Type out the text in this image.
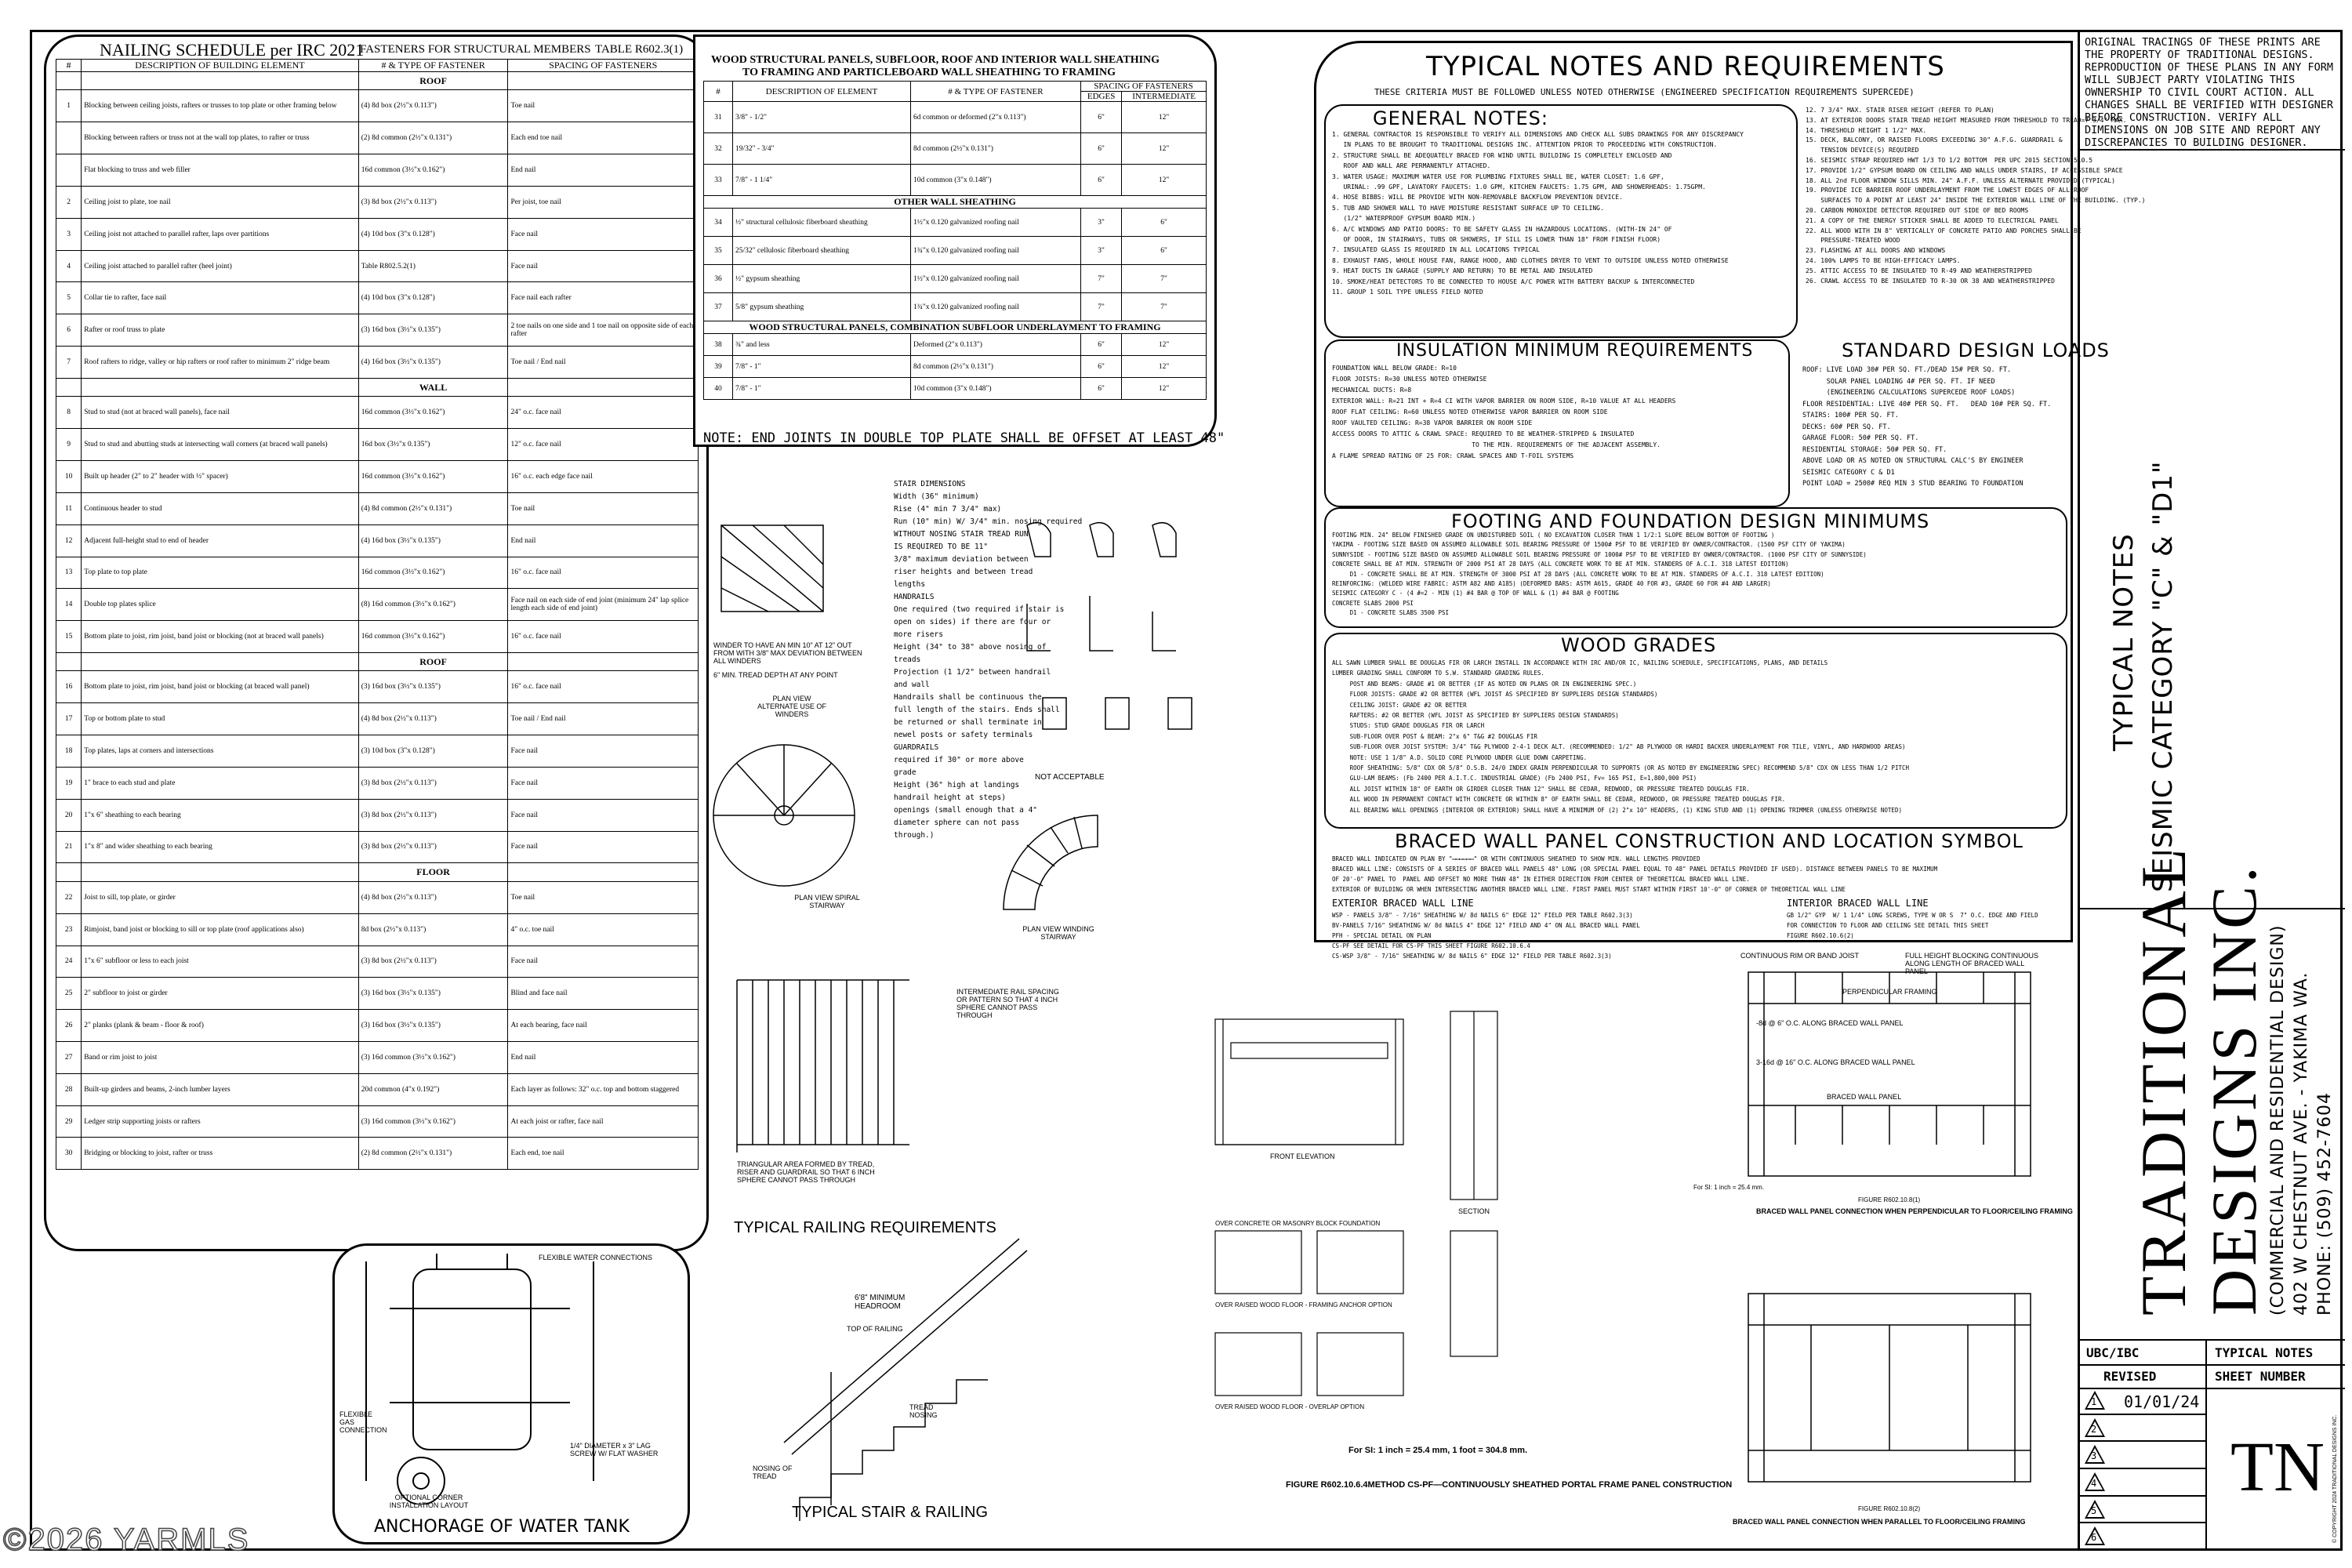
NAILING SCHEDULE per IRC 2021
FASTENERS FOR STRUCTURAL MEMBERS TABLE R602.3(1)
#	DESCRIPTION OF BUILDING ELEMENT	# & TYPE OF FASTENER	SPACING OF FASTENERS
		ROOF	
1	Blocking between ceiling joists, rafters or trusses to top plate or other framing below	(4) 8d box (2½"x 0.113")	Toe nail
	Blocking between rafters or truss not at the wall top plates, to rafter or truss	(2) 8d common (2½"x 0.131")	Each end toe nail
	Flat blocking to truss and web filler	16d common (3½"x 0.162")	End nail
2	Ceiling joist to plate, toe nail	(3) 8d box (2½"x 0.113")	Per joist, toe nail
3	Ceiling joist not attached to parallel rafter, laps over partitions	(4) 10d box (3"x 0.128")	Face nail
4	Ceiling joist attached to parallel rafter (heel joint)	Table R802.5.2(1)	Face nail
5	Collar tie to rafter, face nail	(4) 10d box (3"x 0.128")	Face nail each rafter
6	Rafter or roof truss to plate	(3) 16d box (3½"x 0.135")	2 toe nails on one side and 1 toe nail on opposite side of each rafter
7	Roof rafters to ridge, valley or hip rafters or roof rafter to minimum 2" ridge beam	(4) 16d box (3½"x 0.135")	Toe nail / End nail
		WALL	
8	Stud to stud (not at braced wall panels), face nail	16d common (3½"x 0.162")	24" o.c. face nail
9	Stud to stud and abutting studs at intersecting wall corners (at braced wall panels)	16d box (3½"x 0.135")	12" o.c. face nail
10	Built up header (2" to 2" header with ½" spacer)	16d common (3½"x 0.162")	16" o.c. each edge face nail
11	Continuous header to stud	(4) 8d common (2½"x 0.131")	Toe nail
12	Adjacent full-height stud to end of header	(4) 16d box (3½"x 0.135")	End nail
13	Top plate to top plate	16d common (3½"x 0.162")	16" o.c. face nail
14	Double top plates splice	(8) 16d common (3½"x 0.162")	Face nail on each side of end joint (minimum 24" lap splice length each side of end joint)
15	Bottom plate to joist, rim joist, band joist or blocking (not at braced wall panels)	16d common (3½"x 0.162")	16" o.c. face nail
		ROOF	
16	Bottom plate to joist, rim joist, band joist or blocking (at braced wall panel)	(3) 16d box (3½"x 0.135")	16" o.c. face nail
17	Top or bottom plate to stud	(4) 8d box (2½"x 0.113")	Toe nail / End nail
18	Top plates, laps at corners and intersections	(3) 10d box (3"x 0.128")	Face nail
19	1" brace to each stud and plate	(3) 8d box (2½"x 0.113")	Face nail
20	1"x 6" sheathing to each bearing	(3) 8d box (2½"x 0.113")	Face nail
21	1"x 8" and wider sheathing to each bearing	(3) 8d box (2½"x 0.113")	Face nail
		FLOOR	
22	Joist to sill, top plate, or girder	(4) 8d box (2½"x 0.113")	Toe nail
23	Rimjoist, band joist or blocking to sill or top plate (roof applications also)	8d box (2½"x 0.113")	4" o.c. toe nail
24	1"x 6" subfloor or less to each joist	(3) 8d box (2½"x 0.113")	Face nail
25	2" subfloor to joist or girder	(3) 16d box (3½"x 0.135")	Blind and face nail
26	2" planks (plank & beam - floor & roof)	(3) 16d box (3½"x 0.135")	At each bearing, face nail
27	Band or rim joist to joist	(3) 16d common (3½"x 0.162")	End nail
28	Built-up girders and beams, 2-inch lumber layers	20d common (4"x 0.192")	Each layer as follows: 32" o.c. top and bottom staggered
29	Ledger strip supporting joists or rafters	(3) 16d common (3½"x 0.162")	At each joist or rafter, face nail
30	Bridging or blocking to joist, rafter or truss	(2) 8d common (2½"x 0.131")	Each end, toe nail
WOOD STRUCTURAL PANELS, SUBFLOOR, ROOF AND INTERIOR WALL SHEATHING
TO FRAMING AND PARTICLEBOARD WALL SHEATHING TO FRAMING
#	DESCRIPTION OF ELEMENT	# & TYPE OF FASTENER	SPACING OF FASTENERS	
			EDGES	INTERMEDIATE
31	3/8" - 1/2"	6d common or deformed (2"x 0.113")	6"	12"
32	19/32" - 3/4"	8d common (2½"x 0.131")	6"	12"
33	7/8" - 1 1/4"	10d common (3"x 0.148")	6"	12"
OTHER WALL SHEATHING				
34	½" structural cellulosic fiberboard sheathing	1½"x 0.120 galvanized roofing nail	3"	6"
35	25/32" cellulosic fiberboard sheathing	1¾"x 0.120 galvanized roofing nail	3"	6"
36	½" gypsum sheathing	1½"x 0.120 galvanized roofing nail	7"	7"
37	5/8" gypsum sheathing	1¾"x 0.120 galvanized roofing nail	7"	7"
WOOD STRUCTURAL PANELS, COMBINATION SUBFLOOR UNDERLAYMENT TO FRAMING				
38	¾" and less	Deformed (2"x 0.113")	6"	12"
39	7/8" - 1"	8d common (2½"x 0.131")	6"	12"
40	7/8" - 1"	10d common (3"x 0.148")	6"	12"
NOTE: END JOINTS IN DOUBLE TOP PLATE SHALL BE OFFSET AT LEAST 48"
STAIR DIMENSIONS
Width (36" minimum)
Rise (4" min 7 3/4" max)
Run (10" min) W/ 3/4" min. nosing required
WITHOUT NOSING STAIR TREAD RUN
IS REQUIRED TO BE 11"
3/8" maximum deviation between
riser heights and between tread
lengths
HANDRAILS
One required (two required if stair is
open on sides) if there are four or
more risers
Height (34" to 38" above nosing of
treads
Projection (1 1/2" between handrail
and wall
Handrails shall be continuous the
full length of the stairs. Ends shall
be returned or shall terminate in
newel posts or safety terminals
GUARDRAILS
required if 30" or more above
grade
Height (36" high at landings
handrail height at steps)
openings (small enough that a 4"
diameter sphere can not pass
through.)
WINDER TO HAVE AN MIN 10" AT 12" OUT FROM WITH 3/8" MAX DEVIATION BETWEEN ALL WINDERS
6" MIN. TREAD DEPTH AT ANY POINT
PLAN VIEW ALTERNATE USE OF WINDERS
PLAN VIEW SPIRAL STAIRWAY
PLAN VIEW WINDING STAIRWAY
NOT ACCEPTABLE
INTERMEDIATE RAIL SPACING OR PATTERN SO THAT 4 INCH SPHERE CANNOT PASS THROUGH
TRIANGULAR AREA FORMED BY TREAD, RISER AND GUARDRAIL SO THAT 6 INCH SPHERE CANNOT PASS THROUGH
TYPICAL RAILING REQUIREMENTS
6'8" MINIMUM HEADROOM
TOP OF RAILING
TREAD NOSING
NOSING OF TREAD
TYPICAL STAIR & RAILING
FLEXIBLE WATER CONNECTIONS
FLEXIBLE GAS CONNECTION
1/4" DIAMETER x 3" LAG SCREW W/ FLAT WASHER
OPTIONAL CORNER INSTALLATION LAYOUT
ANCHORAGE OF WATER TANK
TYPICAL NOTES AND REQUIREMENTS
THESE CRITERIA MUST BE FOLLOWED UNLESS NOTED OTHERWISE (ENGINEERED SPECIFICATION REQUIREMENTS SUPERCEDE)
GENERAL NOTES:
1. GENERAL CONTRACTOR IS RESPONSIBLE TO VERIFY ALL DIMENSIONS AND CHECK ALL SUBS DRAWINGS FOR ANY DISCREPANCY
IN PLANS TO BE BROUGHT TO TRADITIONAL DESIGNS INC. ATTENTION PRIOR TO PROCEEDING WITH CONSTRUCTION.
2. STRUCTURE SHALL BE ADEQUATELY BRACED FOR WIND UNTIL BUILDING IS COMPLETELY ENCLOSED AND
ROOF AND WALL ARE PERMANENTLY ATTACHED.
3. WATER USAGE: MAXIMUM WATER USE FOR PLUMBING FIXTURES SHALL BE, WATER CLOSET: 1.6 GPF,
URINAL: .99 GPF, LAVATORY FAUCETS: 1.0 GPM, KITCHEN FAUCETS: 1.75 GPM, AND SHOWERHEADS: 1.75GPM.
4. HOSE BIBBS: WILL BE PROVIDE WITH NON-REMOVABLE BACKFLOW PREVENTION DEVICE.
5. TUB AND SHOWER WALL TO HAVE MOISTURE RESISTANT SURFACE UP TO CEILING.
(1/2" WATERPROOF GYPSUM BOARD MIN.)
6. A/C WINDOWS AND PATIO DOORS: TO BE SAFETY GLASS IN HAZARDOUS LOCATIONS. (WITH-IN 24" OF
OF DOOR, IN STAIRWAYS, TUBS OR SHOWERS, IF SILL IS LOWER THAN 18" FROM FINISH FLOOR)
7. INSULATED GLASS IS REQUIRED IN ALL LOCATIONS TYPICAL
8. EXHAUST FANS, WHOLE HOUSE FAN, RANGE HOOD, AND CLOTHES DRYER TO VENT TO OUTSIDE UNLESS NOTED OTHERWISE
9. HEAT DUCTS IN GARAGE (SUPPLY AND RETURN) TO BE METAL AND INSULATED
10. SMOKE/HEAT DETECTORS TO BE CONNECTED TO HOUSE A/C POWER WITH BATTERY BACKUP & INTERCONNECTED
11. GROUP 1 SOIL TYPE UNLESS FIELD NOTED
12. 7 3/4" MAX. STAIR RISER HEIGHT (REFER TO PLAN)
13. AT EXTERIOR DOORS STAIR TREAD HEIGHT MEASURED FROM THRESHOLD TO TREAD=7 3/4" MAX.
14. THRESHOLD HEIGHT 1 1/2" MAX.
15. DECK, BALCONY, OR RAISED FLOORS EXCEEDING 30" A.F.G. GUARDRAIL &
TENSION DEVICE(S) REQUIRED
16. SEISMIC STRAP REQUIRED HWT 1/3 TO 1/2 BOTTOM  PER UPC 2015 SECTION 510.5
17. PROVIDE 1/2" GYPSUM BOARD ON CEILING AND WALLS UNDER STAIRS, IF ACCESSIBLE SPACE
18. ALL 2nd FLOOR WINDOW SILLS MIN. 24" A.F.F. UNLESS ALTERNATE PROVIDED (TYPICAL)
19. PROVIDE ICE BARRIER ROOF UNDERLAYMENT FROM THE LOWEST EDGES OF ALL ROOF
SURFACES TO A POINT AT LEAST 24" INSIDE THE EXTERIOR WALL LINE OF THE BUILDING. (TYP.)
20. CARBON MONOXIDE DETECTOR REQUIRED OUT SIDE OF BED ROOMS
21. A COPY OF THE ENERGY STICKER SHALL BE ADDED TO ELECTRICAL PANEL
22. ALL WOOD WITH IN 8" VERTICALLY OF CONCRETE PATIO AND PORCHES SHALL BE
PRESSURE-TREATED WOOD
23. FLASHING AT ALL DOORS AND WINDOWS
24. 100% LAMPS TO BE HIGH-EFFICACY LAMPS.
25. ATTIC ACCESS TO BE INSULATED TO R-49 AND WEATHERSTRIPPED
26. CRAWL ACCESS TO BE INSULATED TO R-30 OR 38 AND WEATHERSTRIPPED
INSULATION MINIMUM REQUIREMENTS
FOUNDATION WALL BELOW GRADE: R=10
FLOOR JOISTS: R=30 UNLESS NOTED OTHERWISE
MECHANICAL DUCTS: R=8
EXTERIOR WALL: R=21 INT + R=4 CI WITH VAPOR BARRIER ON ROOM SIDE, R=10 VALUE AT ALL HEADERS
ROOF FLAT CEILING: R=60 UNLESS NOTED OTHERWISE VAPOR BARRIER ON ROOM SIDE
ROOF VAULTED CEILING: R=38 VAPOR BARRIER ON ROOM SIDE
ACCESS DOORS TO ATTIC & CRAWL SPACE: REQUIRED TO BE WEATHER-STRIPPED & INSULATED
TO THE MIN. REQUIREMENTS OF THE ADJACENT ASSEMBLY.
A FLAME SPREAD RATING OF 25 FOR: CRAWL SPACES AND T-FOIL SYSTEMS
STANDARD DESIGN LOADS
ROOF: LIVE LOAD 30# PER SQ. FT./DEAD 15# PER SQ. FT.
SOLAR PANEL LOADING 4# PER SQ. FT. IF NEED
(ENGINEERING CALCULATIONS SUPERCEDE ROOF LOADS)
FLOOR RESIDENTIAL: LIVE 40# PER SQ. FT.   DEAD 10# PER SQ. FT.
STAIRS: 100# PER SQ. FT.
DECKS: 60# PER SQ. FT.
GARAGE FLOOR: 50# PER SQ. FT.
RESIDENTIAL STORAGE: 50# PER SQ. FT.
ABOVE LOAD OR AS NOTED ON STRUCTURAL CALC'S BY ENGINEER
SEISMIC CATEGORY C & D1
POINT LOAD = 2500# REQ MIN 3 STUD BEARING TO FOUNDATION
FOOTING AND FOUNDATION DESIGN MINIMUMS
FOOTING MIN. 24" BELOW FINISHED GRADE ON UNDISTURBED SOIL ( NO EXCAVATION CLOSER THAN 1 1/2:1 SLOPE BELOW BOTTOM OF FOOTING )
YAKIMA - FOOTING SIZE BASED ON ASSUMED ALLOWABLE SOIL BEARING PRESSURE OF 1500# PSF TO BE VERIFIED BY OWNER/CONTRACTOR. (1500 PSF CITY OF YAKIMA)
SUNNYSIDE - FOOTING SIZE BASED ON ASSUMED ALLOWABLE SOIL BEARING PRESSURE OF 1000# PSF TO BE VERIFIED BY OWNER/CONTRACTOR. (1000 PSF CITY OF SUNNYSIDE)
CONCRETE SHALL BE AT MIN. STRENGTH OF 2000 PSI AT 28 DAYS (ALL CONCRETE WORK TO BE AT MIN. STANDERS OF A.C.I. 318 LATEST EDITION)
D1 - CONCRETE SHALL BE AT MIN. STRENGTH OF 3000 PSI AT 28 DAYS (ALL CONCRETE WORK TO BE AT MIN. STANDERS OF A.C.I. 318 LATEST EDITION)
REINFORCING: (WELDED WIRE FABRIC: ASTM A82 AND A185) (DEFORMED BARS: ASTM A615, GRADE 40 FOR #3, GRADE 60 FOR #4 AND LARGER)
SEISMIC CATEGORY C - (4 #=2 - MIN (1) #4 BAR @ TOP OF WALL & (1) #4 BAR @ FOOTING
CONCRETE SLABS 2000 PSI
D1 - CONCRETE SLABS 3500 PSI
WOOD GRADES
ALL SAWN LUMBER SHALL BE DOUGLAS FIR OR LARCH INSTALL IN ACCORDANCE WITH IRC AND/OR IC, NAILING SCHEDULE, SPECIFICATIONS, PLANS, AND DETAILS
LUMBER GRADING SHALL CONFORM TO S.W. STANDARD GRADING RULES.
POST AND BEAMS: GRADE #1 OR BETTER (IF AS NOTED ON PLANS OR IN ENGINEERING SPEC.)
FLOOR JOISTS: GRADE #2 OR BETTER (WFL JOIST AS SPECIFIED BY SUPPLIERS DESIGN STANDARDS)
CEILING JOIST: GRADE #2 OR BETTER
RAFTERS: #2 OR BETTER (WFL JOIST AS SPECIFIED BY SUPPLIERS DESIGN STANDARDS)
STUDS: STUD GRADE DOUGLAS FIR OR LARCH
SUB-FLOOR OVER POST & BEAM: 2"x 6" T&G #2 DOUGLAS FIR
SUB-FLOOR OVER JOIST SYSTEM: 3/4" T&G PLYWOOD 2-4-1 DECK ALT. (RECOMMENDED: 1/2" AB PLYWOOD OR HARDI BACKER UNDERLAYMENT FOR TILE, VINYL, AND HARDWOOD AREAS)
NOTE: USE 1 1/8" A.D. SOLID CORE PLYWOOD UNDER GLUE DOWN CARPETING.
ROOF SHEATHING: 5/8" CDX OR 5/8" O.S.B. 24/0 INDEX GRAIN PERPENDICULAR TO SUPPORTS (OR AS NOTED BY ENGINEERING SPEC) RECOMMEND 5/8" CDX ON LESS THAN 1/2 PITCH
GLU-LAM BEAMS: (Fb 2400 PER A.I.T.C. INDUSTRIAL GRADE) (Fb 2400 PSI, Fv= 165 PSI, E=1,800,000 PSI)
ALL JOIST WITHIN 18" OF EARTH OR GIRDER CLOSER THAN 12" SHALL BE CEDAR, REDWOOD, OR PRESSURE TREATED DOUGLAS FIR.
ALL WOOD IN PERMANENT CONTACT WITH CONCRETE OR WITHIN 8" OF EARTH SHALL BE CEDAR, REDWOOD, OR PRESSURE TREATED DOUGLAS FIR.
ALL BEARING WALL OPENINGS (INTERIOR OR EXTERIOR) SHALL HAVE A MINIMUM OF (2) 2"x 10" HEADERS, (1) KING STUD AND (1) OPENING TRIMMER (UNLESS OTHERWISE NOTED)
BRACED WALL PANEL CONSTRUCTION AND LOCATION SYMBOL
BRACED WALL INDICATED ON PLAN BY "▭▭▭▭▭▭" OR WITH CONTINUOUS SHEATHED TO SHOW MIN. WALL LENGTHS PROVIDED
BRACED WALL LINE: CONSISTS OF A SERIES OF BRACED WALL PANELS 48" LONG (OR SPECIAL PANEL EQUAL TO 48" PANEL DETAILS PROVIDED IF USED). DISTANCE BETWEEN PANELS TO BE MAXIMUM
OF 20'-0" PANEL TO  PANEL AND OFFSET NO MORE THAN 48" IN EITHER DIRECTION FROM CENTER OF THEORETICAL BRACED WALL LINE.
EXTERIOR OF BUILDING OR WHEN INTERSECTING ANOTHER BRACED WALL LINE. FIRST PANEL MUST START WITHIN FIRST 10'-0" OF CORNER OF THEORETICAL WALL LINE
EXTERIOR BRACED WALL LINE
WSP - PANELS 3/8" - 7/16" SHEATHING W/ 8d NAILS 6" EDGE 12" FIELD PER TABLE R602.3(3)
BV-PANELS 7/16" SHEATHING W/ 8d NAILS 4" EDGE 12" FIELD AND 4" ON ALL BRACED WALL PANEL
PFH - SPECIAL DETAIL ON PLAN
CS-PF SEE DETAIL FOR CS-PF THIS SHEET FIGURE R602.10.6.4
CS-WSP 3/8" - 7/16" SHEATHING W/ 8d NAILS 6" EDGE 12" FIELD PER TABLE R602.3(3)
INTERIOR BRACED WALL LINE
GB 1/2" GYP  W/ 1 1/4" LONG SCREWS, TYPE W OR S  7" O.C. EDGE AND FIELD
FOR CONNECTION TO FLOOR AND CEILING SEE DETAIL THIS SHEET
FIGURE R602.10.6(2)
FRONT ELEVATION
SECTION
OVER CONCRETE OR MASONRY BLOCK FOUNDATION
OVER RAISED WOOD FLOOR - FRAMING ANCHOR OPTION
OVER RAISED WOOD FLOOR - OVERLAP OPTION
For SI: 1 inch = 25.4 mm, 1 foot = 304.8 mm.
FIGURE R602.10.6.4METHOD CS-PF—CONTINUOUSLY SHEATHED PORTAL FRAME PANEL CONSTRUCTION
CONTINUOUS RIM OR BAND JOIST	FULL HEIGHT BLOCKING CONTINUOUS ALONG LENGTH OF BRACED WALL PANEL
PERPENDICULAR FRAMING
-8d @ 6" O.C. ALONG BRACED WALL PANEL
3-16d @ 16" O.C. ALONG BRACED WALL PANEL
BRACED WALL PANEL
For SI: 1 inch = 25.4 mm.
FIGURE R602.10.8(1)
BRACED WALL PANEL CONNECTION WHEN PERPENDICULAR TO FLOOR/CEILING FRAMING
FIGURE R602.10.8(2)
BRACED WALL PANEL CONNECTION WHEN PARALLEL TO FLOOR/CEILING FRAMING
ORIGINAL TRACINGS OF THESE PRINTS ARE THE PROPERTY OF TRADITIONAL DESIGNS. REPRODUCTION OF THESE PLANS IN ANY FORM WILL SUBJECT PARTY VIOLATING THIS OWNERSHIP TO CIVIL COURT ACTION. ALL CHANGES SHALL BE VERIFIED WITH DESIGNER BEFORE CONSTRUCTION. VERIFY ALL DIMENSIONS ON JOB SITE AND REPORT ANY DISCREPANCIES TO BUILDING DESIGNER.
TYPICAL NOTES SEISMIC CATEGORY "C" & "D1"
TRADITIONAL DESIGNS INC.
(COMMERCIAL AND RESIDENTIAL DESIGN) 402 W CHESTNUT AVE. - YAKIMA WA. PHONE: (509) 452-7604
UBC/IBC	TYPICAL NOTES
REVISED	SHEET NUMBER
1 01/01/24
2
3
4
5
6
TN © COPYRIGHT 2024 TRADITIONAL DESIGNS INC.
©2026 YARMLS
